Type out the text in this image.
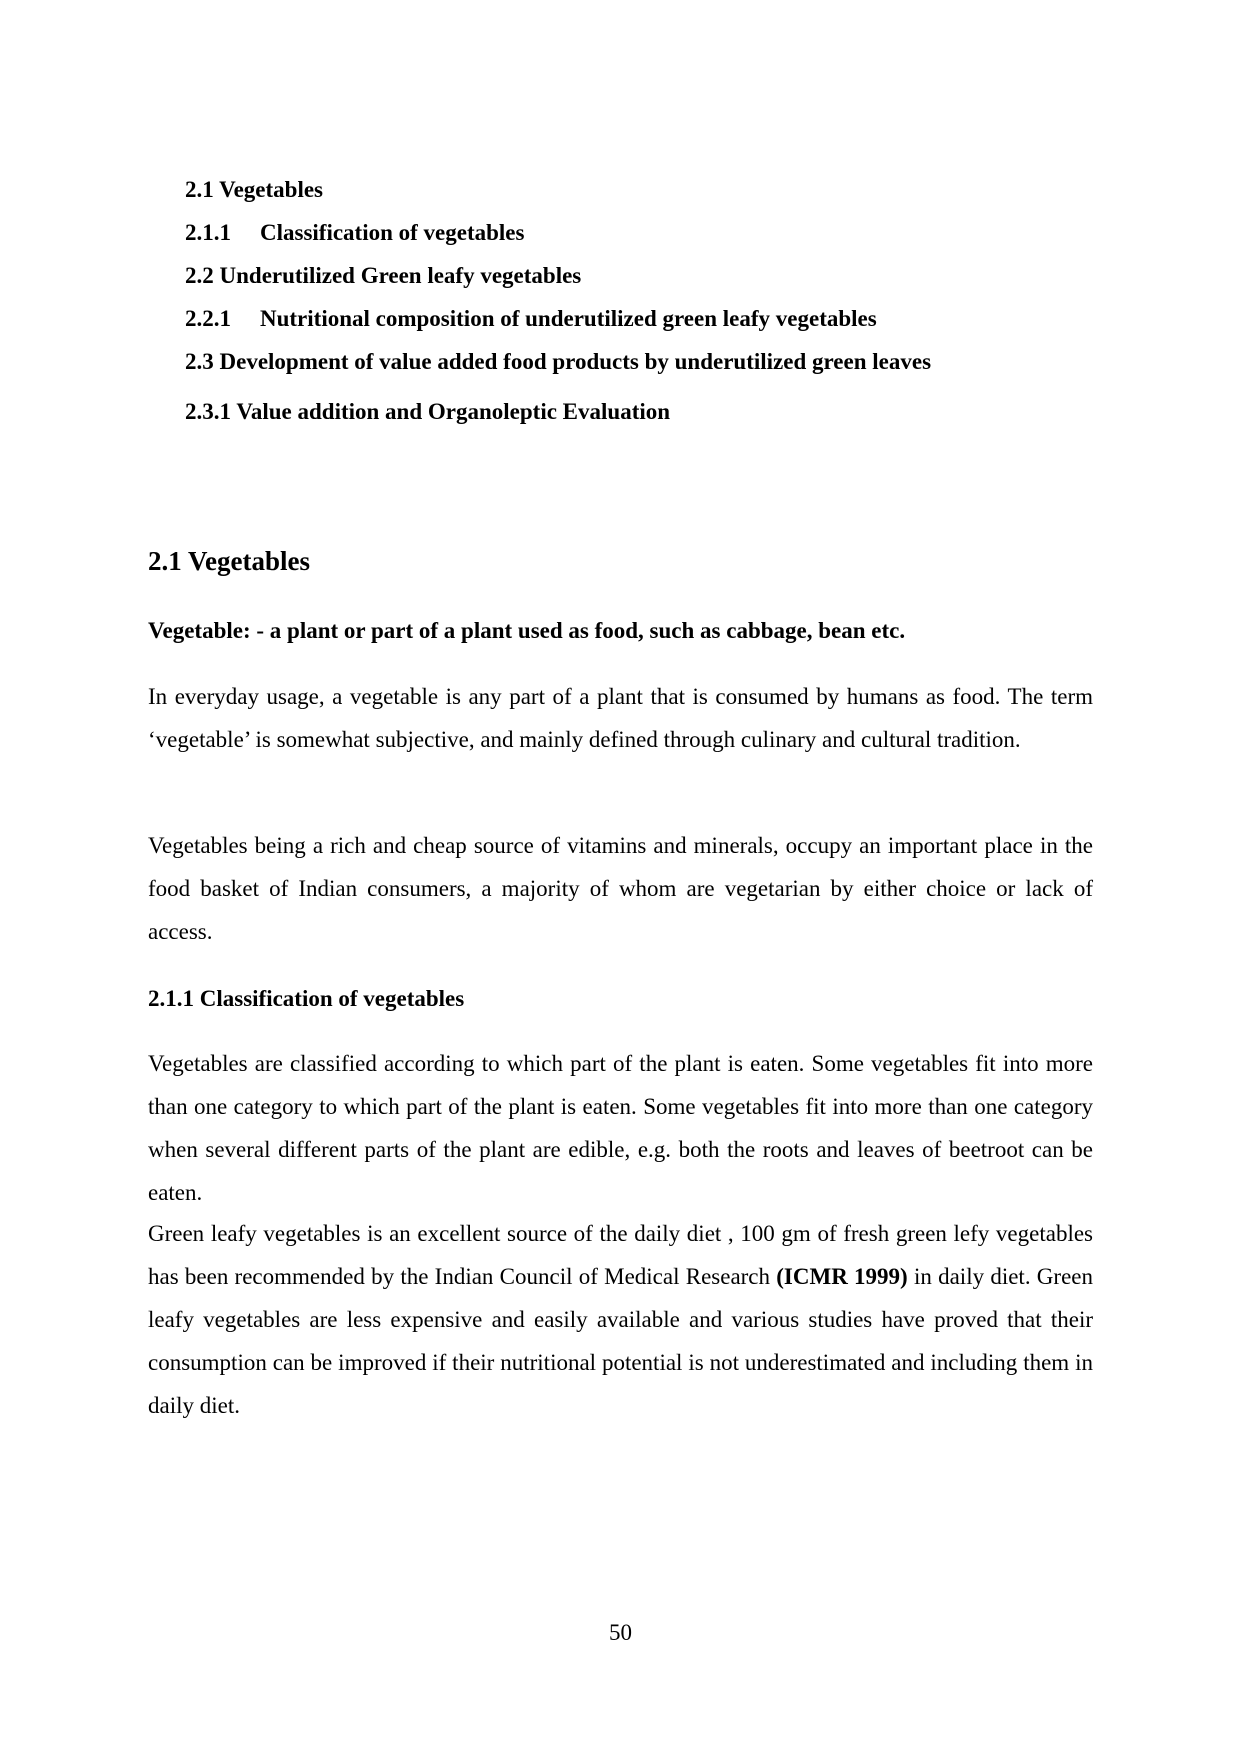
2.1 Vegetables
2.1.1 Classification of vegetables
2.2 Underutilized Green leafy vegetables
2.2.1 Nutritional composition of underutilized green leafy vegetables
2.3 Development of value added food products by underutilized green leaves
2.3.1 Value addition and Organoleptic Evaluation
2.1 Vegetables
Vegetable: - a plant or part of a plant used as food, such as cabbage, bean etc.

In everyday usage, a vegetable is any part of a plant that is consumed by humans as food. The term ‘vegetable’ is somewhat subjective, and mainly defined through culinary and cultural tradition.

Vegetables being a rich and cheap source of vitamins and minerals, occupy an important place in the food basket of Indian consumers, a majority of whom are vegetarian by either choice or lack of access.

2.1.1 Classification of vegetables

Vegetables are classified according to which part of the plant is eaten. Some vegetables fit into more than one category to which part of the plant is eaten. Some vegetables fit into more than one category when several different parts of the plant are edible, e.g. both the roots and leaves of beetroot can be eaten.

Green leafy vegetables is an excellent source of the daily diet , 100 gm of fresh green lefy vegetables has been recommended by the Indian Council of Medical Research (ICMR 1999) in daily diet. Green leafy vegetables are less expensive and easily available and various studies have proved that their consumption can be improved if their nutritional potential is not underestimated and including them in daily diet.

50
